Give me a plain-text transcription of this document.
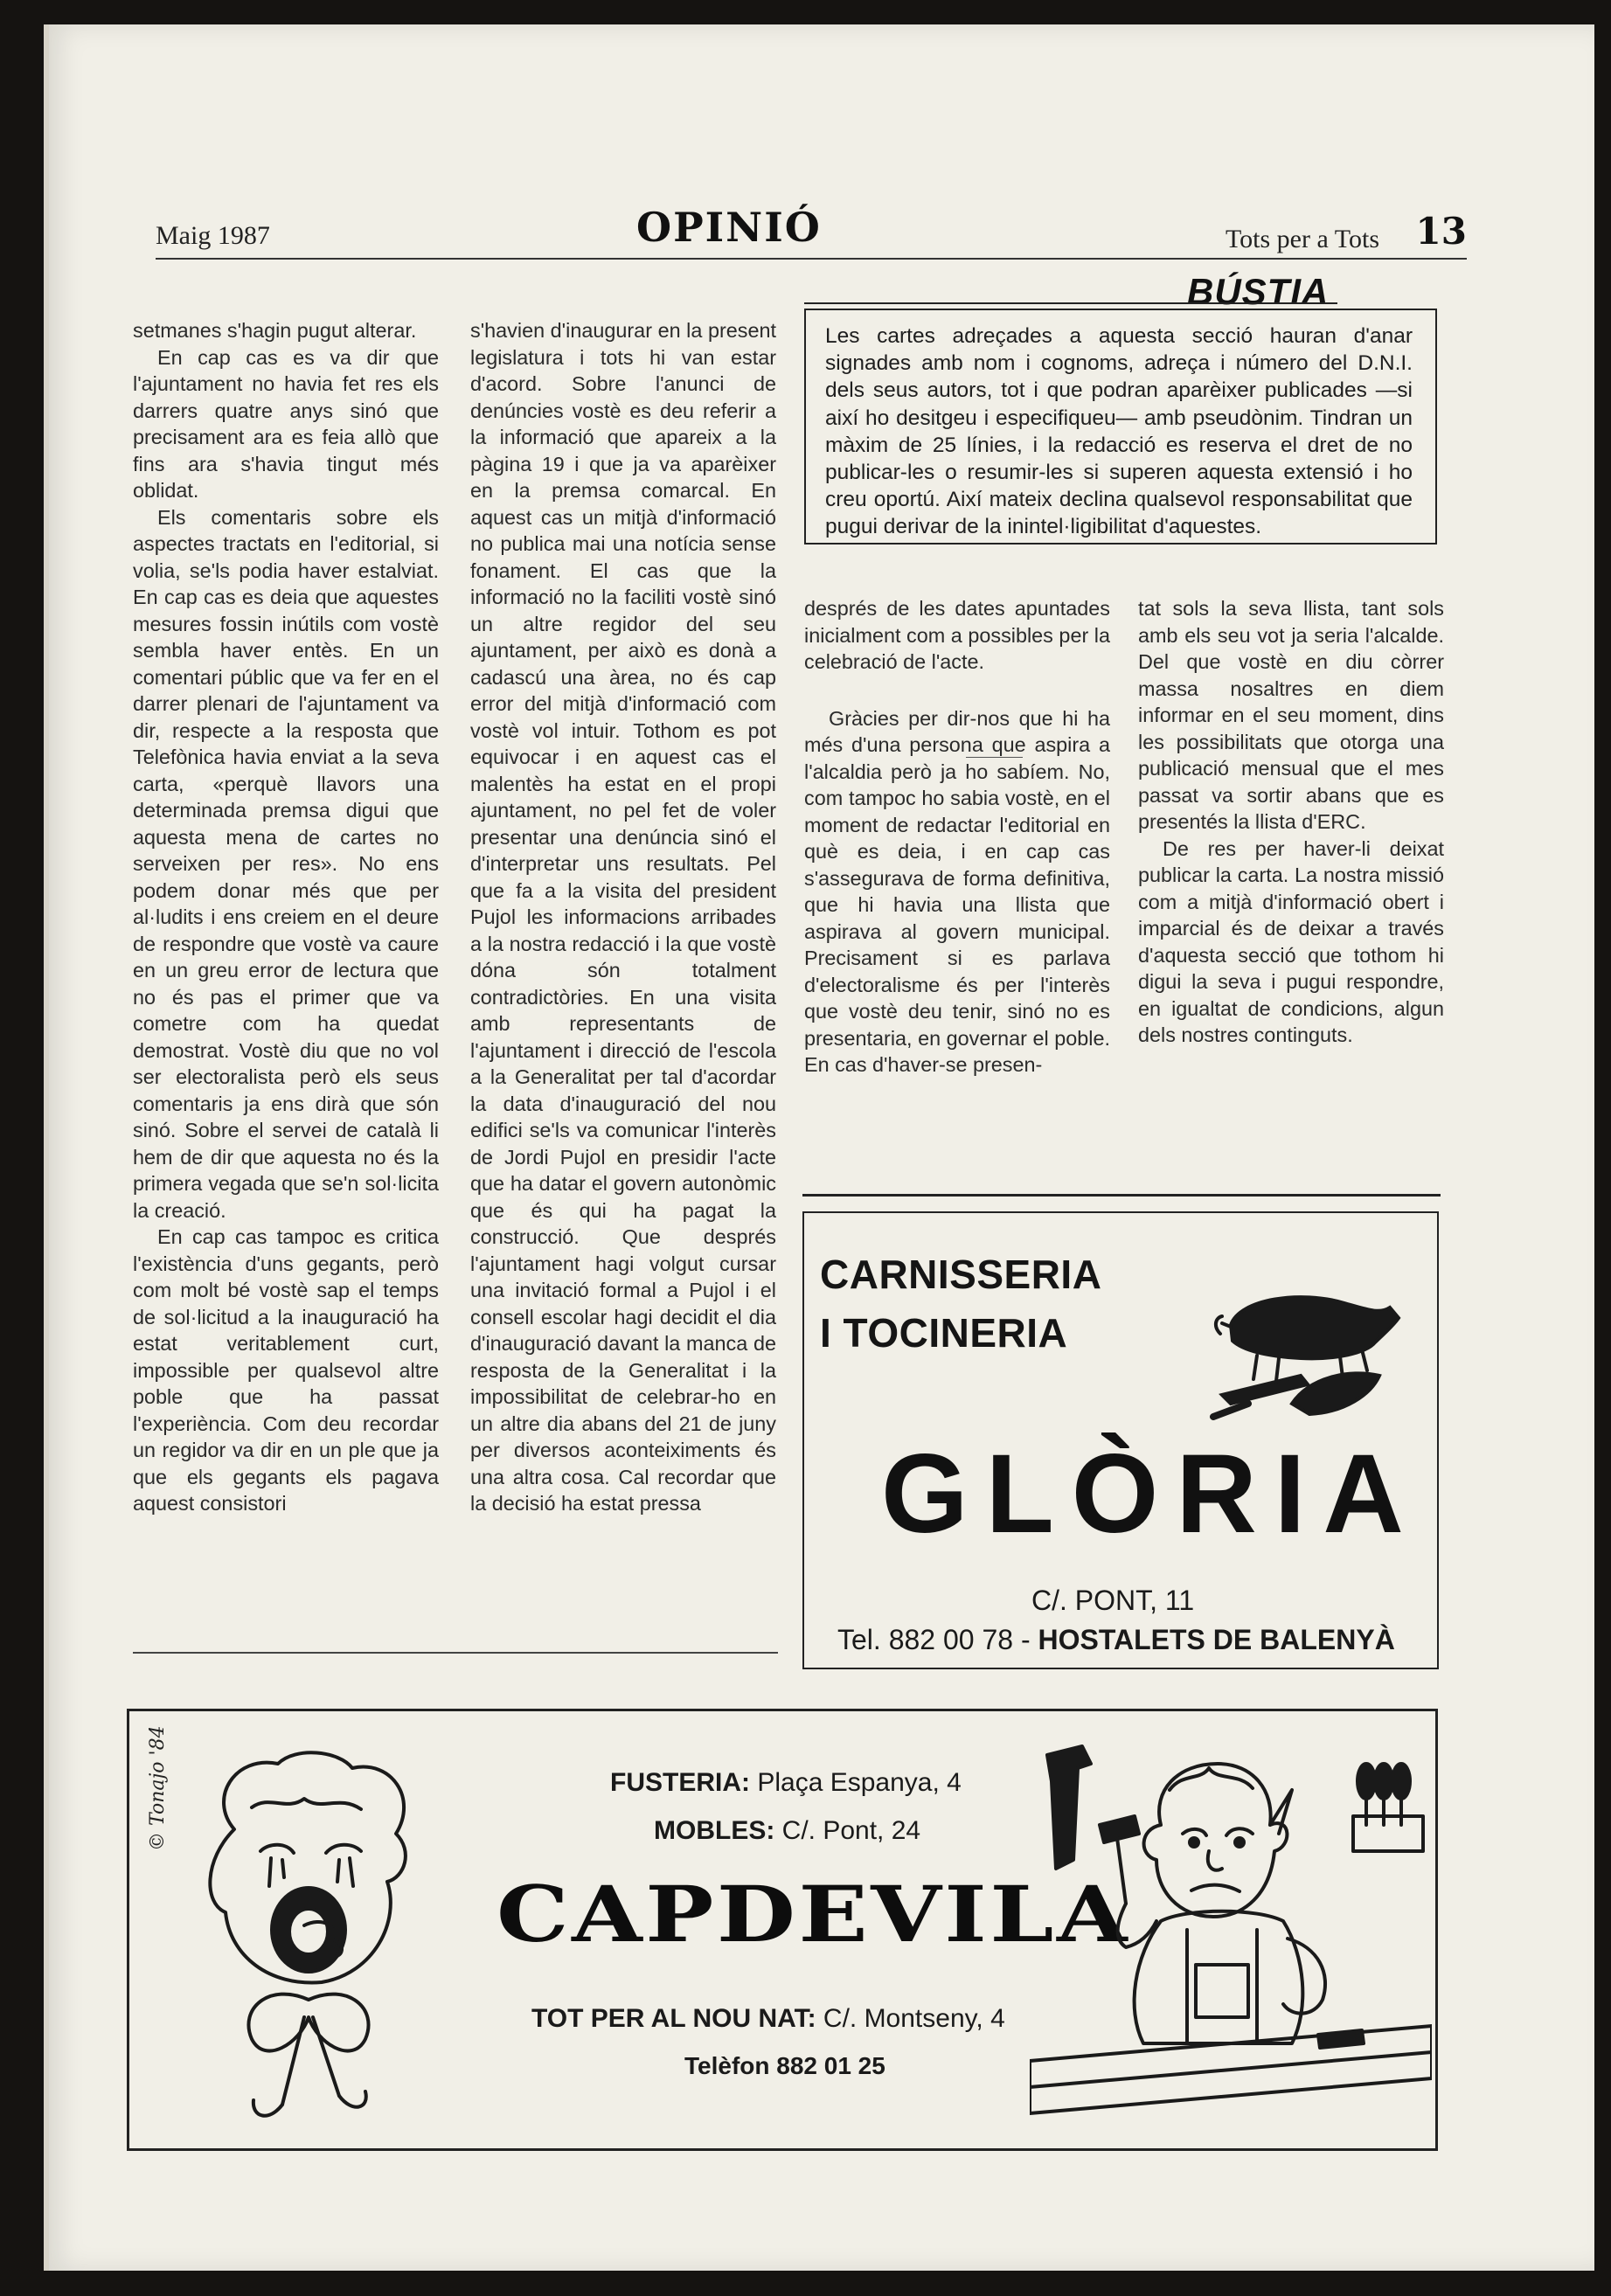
Maig 1987	OPINIÓ	Tots per a Tots 13
BÚSTIA
Les cartes adreçades a aquesta secció hauran d'anar signades amb nom i cognoms, adreça i número del D.N.I. dels seus autors, tot i que podran aparèixer publicades —si així ho desitgeu i especifiqueu— amb pseudònim. Tindran un màxim de 25 línies, i la redacció es reserva el dret de no publicar-les o resumir-les si superen aquesta extensió i ho creu oportú. Així mateix declina qualsevol responsabilitat que pugui derivar de la inintel·ligibilitat d'aquestes.

setmanes s'hagin pugut alterar.

En cap cas es va dir que l'ajuntament no havia fet res els darrers quatre anys sinó que precisament ara es feia allò que fins ara s'havia tingut més oblidat.

Els comentaris sobre els aspectes tractats en l'editorial, si volia, se'ls podia haver estalviat. En cap cas es deia que aquestes mesures fossin inútils com vostè sembla haver entès. En un comentari públic que va fer en el darrer plenari de l'ajuntament va dir, respecte a la resposta que Telefònica havia enviat a la seva carta, «perquè llavors una determinada premsa digui que aquesta mena de cartes no serveixen per res». No ens podem donar més que per al·ludits i ens creiem en el deure de respondre que vostè va caure en un greu error de lectura que no és pas el primer que va cometre com ha quedat demostrat. Vostè diu que no vol ser electoralista però els seus comentaris ja ens dirà que són sinó. Sobre el servei de català li hem de dir que aquesta no és la primera vegada que se'n sol·licita la creació.

En cap cas tampoc es critica l'existència d'uns gegants, però com molt bé vostè sap el temps de sol·licitud a la inauguració ha estat veritablement curt, impossible per qualsevol altre poble que ha passat l'experiència. Com deu recordar un regidor va dir en un ple que ja que els gegants els pagava aquest consistori

s'havien d'inaugurar en la present legislatura i tots hi van estar d'acord. Sobre l'anunci de denúncies vostè es deu referir a la informació que apareix a la pàgina 19 i que ja va aparèixer en la premsa comarcal. En aquest cas un mitjà d'informació no publica mai una notícia sense fonament. El cas que la informació no la faciliti vostè sinó un altre regidor del seu ajuntament, per això es donà a cadascú una àrea, no és cap error del mitjà d'informació com vostè vol intuir. Tothom es pot equivocar i en aquest cas el malentès ha estat en el propi ajuntament, no pel fet de voler presentar una denúncia sinó el d'interpretar uns resultats. Pel que fa a la visita del president Pujol les informacions arribades a la nostra redacció i la que vostè dóna són totalment contradictòries. En una visita amb representants de l'ajuntament i direcció de l'escola a la Generalitat per tal d'acordar la data d'inauguració del nou edifici se'ls va comunicar l'interès de Jordi Pujol en presidir l'acte que ha datar el govern autonòmic que és qui ha pagat la construcció. Que després l'ajuntament hagi volgut cursar una invitació formal a Pujol i el consell escolar hagi decidit el dia d'inauguració davant la manca de resposta de la Generalitat i la impossibilitat de celebrar-ho en un altre dia abans del 21 de juny per diversos aconteiximents és una altra cosa. Cal recordar que la decisió ha estat pressa

després de les dates apuntades inicialment com a possibles per la celebració de l'acte.

Gràcies per dir-nos que hi ha més d'una persona que aspira a l'alcaldia però ja ho sabíem. No, com tampoc ho sabia vostè, en el moment de redactar l'editorial en què es deia, i en cap cas s'assegurava de forma definitiva, que hi havia una llista que aspirava al govern municipal. Precisament si es parlava d'electoralisme és per l'interès que vostè deu tenir, sinó no es presentaria, en governar el poble. En cas d'haver-se presen-

tat sols la seva llista, tant sols amb els seu vot ja seria l'alcalde. Del que vostè en diu còrrer massa nosaltres en diem informar en el seu moment, dins les possibilitats que otorga una publicació mensual que el mes passat va sortir abans que es presentés la llista d'ERC.

De res per haver-li deixat publicar la carta. La nostra missió com a mitjà d'informació obert i imparcial és de deixar a través d'aquesta secció que tothom hi digui la seva i pugui respondre, en igualtat de condicions, algun dels nostres continguts.

CARNISSERIA
I TOCINERIA
GLÒRIA
C/. PONT, 11
Tel. 882 00 78 - HOSTALETS DE BALENYÀ
© Tonajo '84	FUSTERIA: Plaça Espanya, 4
MOBLES: C/. Pont, 24
CAPDEVILA
TOT PER AL NOU NAT: C/. Montseny, 4
Telèfon 882 01 25
